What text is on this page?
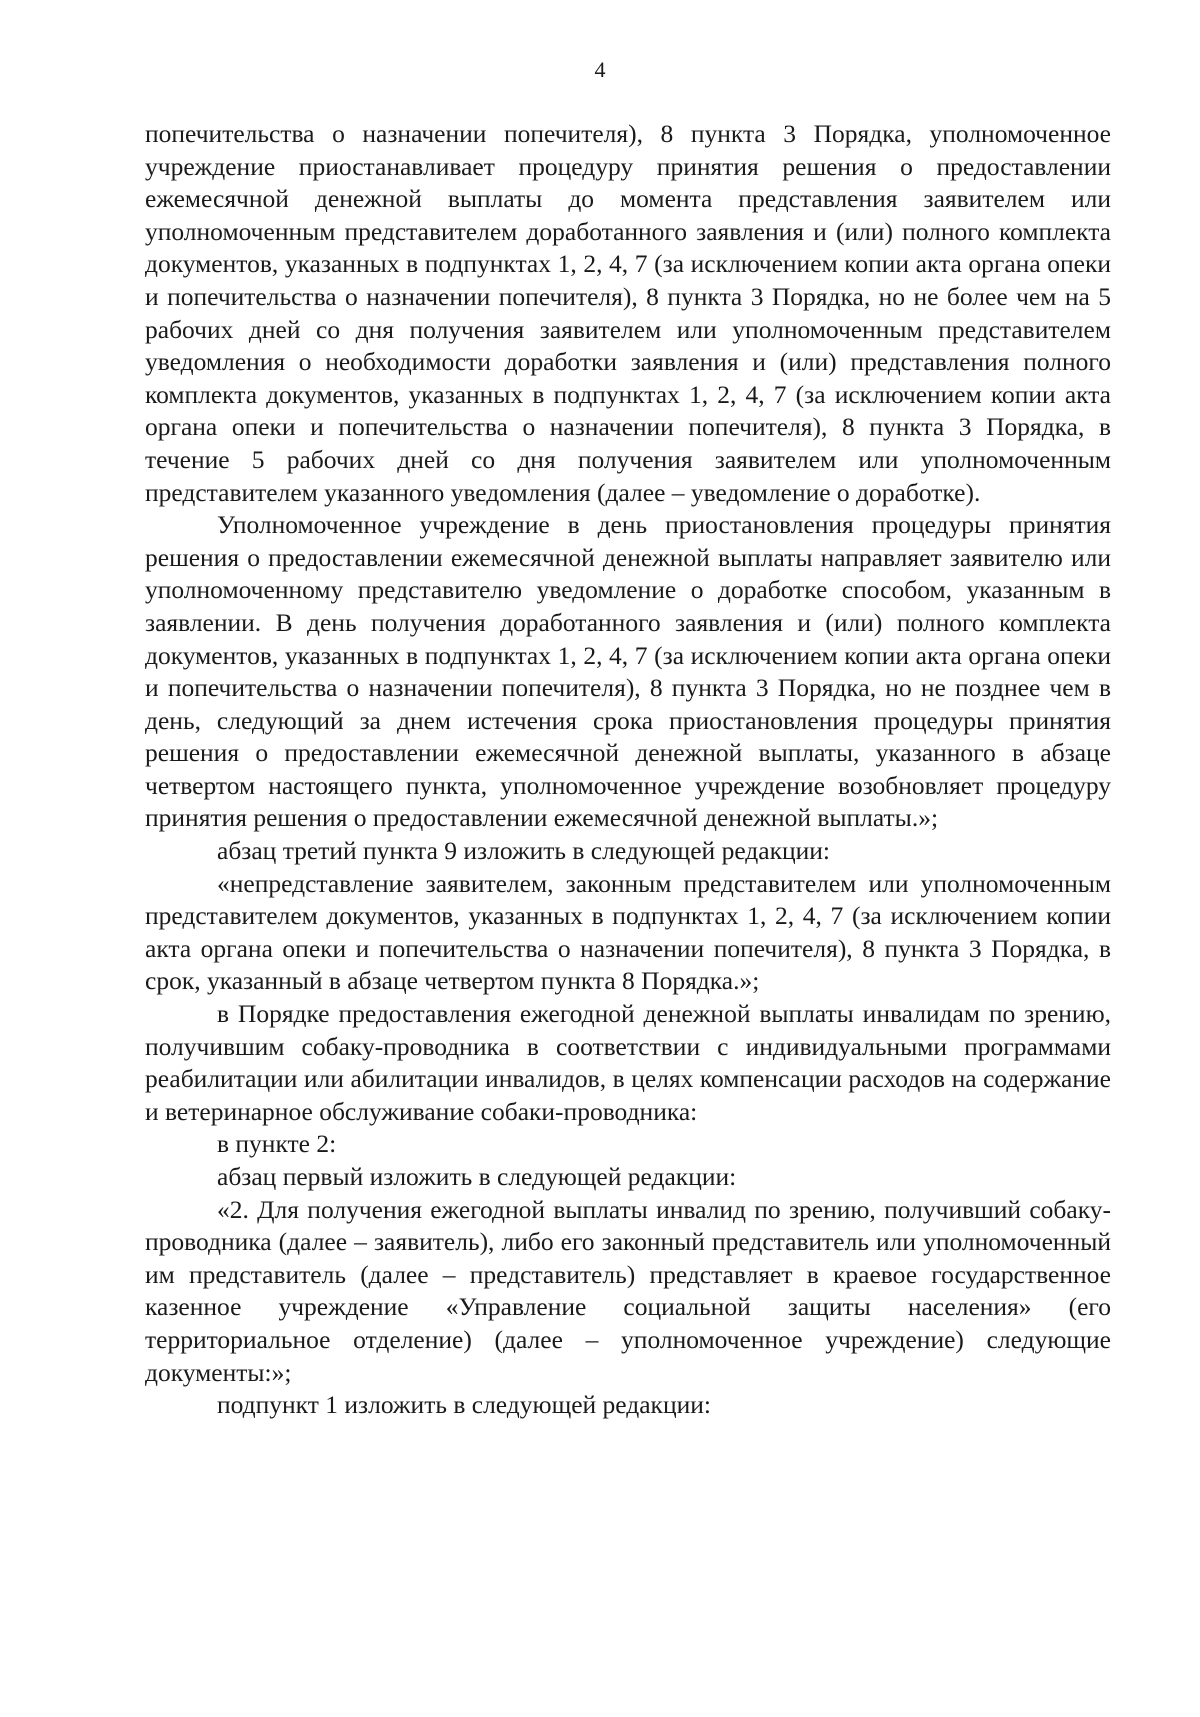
4

попечительства о назначении попечителя), 8 пункта 3 Порядка, уполномоченное учреждение приостанавливает процедуру принятия решения о предоставлении ежемесячной денежной выплаты до момента представления заявителем или уполномоченным представителем доработанного заявления и (или) полного комплекта документов, указанных в подпунктах 1, 2, 4, 7 (за исключением копии акта органа опеки и попечительства о назначении попечителя), 8 пункта 3 Порядка, но не более чем на 5 рабочих дней со дня получения заявителем или уполномоченным представителем уведомления о необходимости доработки заявления и (или) представления полного комплекта документов, указанных в подпунктах 1, 2, 4, 7 (за исключением копии акта органа опеки и попечительства о назначении попечителя), 8 пункта 3 Порядка, в течение 5 рабочих дней со дня получения заявителем или уполномоченным представителем указанного уведомления (далее – уведомление о доработке).

Уполномоченное учреждение в день приостановления процедуры принятия решения о предоставлении ежемесячной денежной выплаты направляет заявителю или уполномоченному представителю уведомление о доработке способом, указанным в заявлении. В день получения доработанного заявления и (или) полного комплекта документов, указанных в подпунктах 1, 2, 4, 7 (за исключением копии акта органа опеки и попечительства о назначении попечителя), 8 пункта 3 Порядка, но не позднее чем в день, следующий за днем истечения срока приостановления процедуры принятия решения о предоставлении ежемесячной денежной выплаты, указанного в абзаце четвертом настоящего пункта, уполномоченное учреждение возобновляет процедуру принятия решения о предоставлении ежемесячной денежной выплаты.»;

абзац третий пункта 9 изложить в следующей редакции:

«непредставление заявителем, законным представителем или уполномоченным представителем документов, указанных в подпунктах 1, 2, 4, 7 (за исключением копии акта органа опеки и попечительства о назначении попечителя), 8 пункта 3 Порядка, в срок, указанный в абзаце четвертом пункта 8 Порядка.»;

в Порядке предоставления ежегодной денежной выплаты инвалидам по зрению, получившим собаку-проводника в соответствии с индивидуальными программами реабилитации или абилитации инвалидов, в целях компенсации расходов на содержание и ветеринарное обслуживание собаки-проводника:

в пункте 2:

абзац первый изложить в следующей редакции:

«2. Для получения ежегодной выплаты инвалид по зрению, получивший собаку-проводника (далее – заявитель), либо его законный представитель или уполномоченный им представитель (далее – представитель) представляет в краевое государственное казенное учреждение «Управление социальной защиты населения» (его территориальное отделение) (далее – уполномоченное учреждение) следующие документы:»;

подпункт 1 изложить в следующей редакции:
